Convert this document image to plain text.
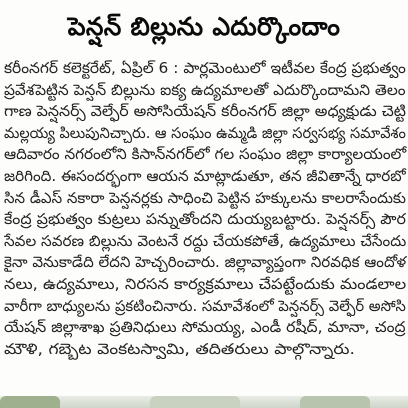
పెన్షన్ బిల్లును ఎదుర్కొందాం
కరీంనగర్ కలెక్టరేట్, ఏప్రిల్ 6 : పార్లమెంటులో ఇటీవల కేంద్ర ప్రభుత్వం
ప్రవేశపెట్టిన పెన్షన్ బిల్లును ఐక్య ఉద్యమాలతో ఎదుర్కొందామని తెలం
గాణ పెన్షనర్స్ వెల్ఫేర్ అసోసియేషన్ కరీంనగర్ జిల్లా అధ్యక్షుడు చెట్టి
మల్లయ్య పిలుపునిచ్చారు. ఆ సంఘం ఉమ్మడి జిల్లా సర్వసభ్య సమావేశం
ఆదివారం నగరంలోని కిసాన్‌నగర్‌లో గల సంఘం జిల్లా కార్యాలయంలో
జరిగింది. ఈసందర్భంగా ఆయన మాట్లాడుతూ, తన జీవితాన్నే ధారబో
సిన డీఎస్ నకారా పెన్షనర్లకు సాధించి పెట్టిన హక్కులను కాలరాసేందుకు
కేంద్ర ప్రభుత్వం కుట్రలు పన్నుతోందని దుయ్యబట్టారు. పెన్షనర్స్ పౌర
సేవల సవరణ బిల్లును వెంటనే రద్దు చేయకపోతే, ఉద్యమాలు చేసేందు
కైనా వెనుకాడేది లేదని హెచ్చరించారు. జిల్లావ్యాప్తంగా నిరవధిక ఆందోళ
నలు, ఉద్యమాలు, నిరసన కార్యక్రమాలు చేపట్టేందుకు మండలాల
వారీగా బాధ్యులను ప్రకటించినారు. సమావేశంలో పెన్షనర్స్ వెల్ఫేర్ అసోసి
యేషన్ జిల్లాశాఖ ప్రతినిధులు సోమయ్య, ఎండీ రషీద్, మానా, చంద్ర
మౌళి, గబ్బెట వెంకటస్వామి, తదితరులు పాల్గొన్నారు.
